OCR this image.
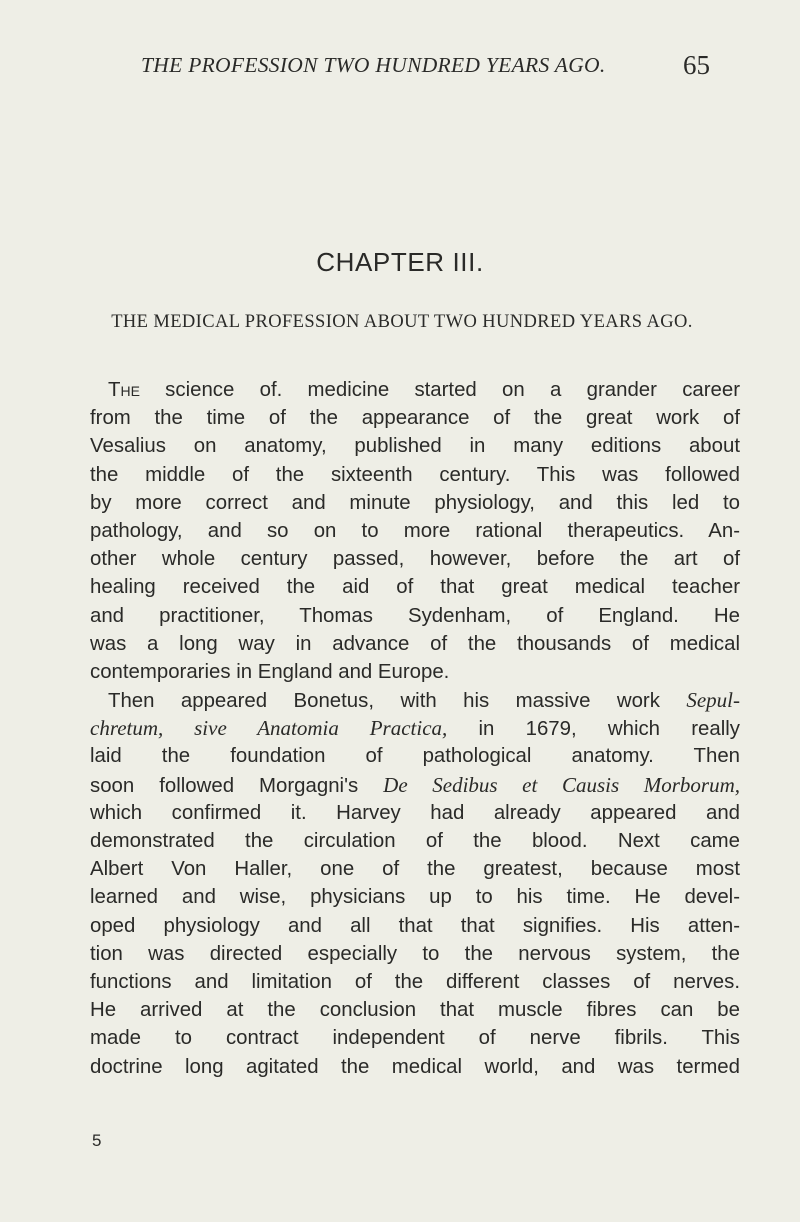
THE PROFESSION TWO HUNDRED YEARS AGO.	65
CHAPTER III.
THE MEDICAL PROFESSION ABOUT TWO HUNDRED YEARS AGO.
The science of. medicine started on a grander career
from the time of the appearance of the great work of
Vesalius on anatomy, published in many editions about
the middle of the sixteenth century. This was followed
by more correct and minute physiology, and this led to
pathology, and so on to more rational therapeutics. An-
other whole century passed, however, before the art of
healing received the aid of that great medical teacher
and practitioner, Thomas Sydenham, of England. He
was a long way in advance of the thousands of medical
contemporaries in England and Europe.
Then appeared Bonetus, with his massive work Sepul-
chretum, sive Anatomia Practica, in 1679, which really
laid the foundation of pathological anatomy. Then
soon followed Morgagni's De Sedibus et Causis Morborum,
which confirmed it. Harvey had already appeared and
demonstrated the circulation of the blood. Next came
Albert Von Haller, one of the greatest, because most
learned and wise, physicians up to his time. He devel-
oped physiology and all that that signifies. His atten-
tion was directed especially to the nervous system, the
functions and limitation of the different classes of nerves.
He arrived at the conclusion that muscle fibres can be
made to contract independent of nerve fibrils. This
doctrine long agitated the medical world, and was termed
5
